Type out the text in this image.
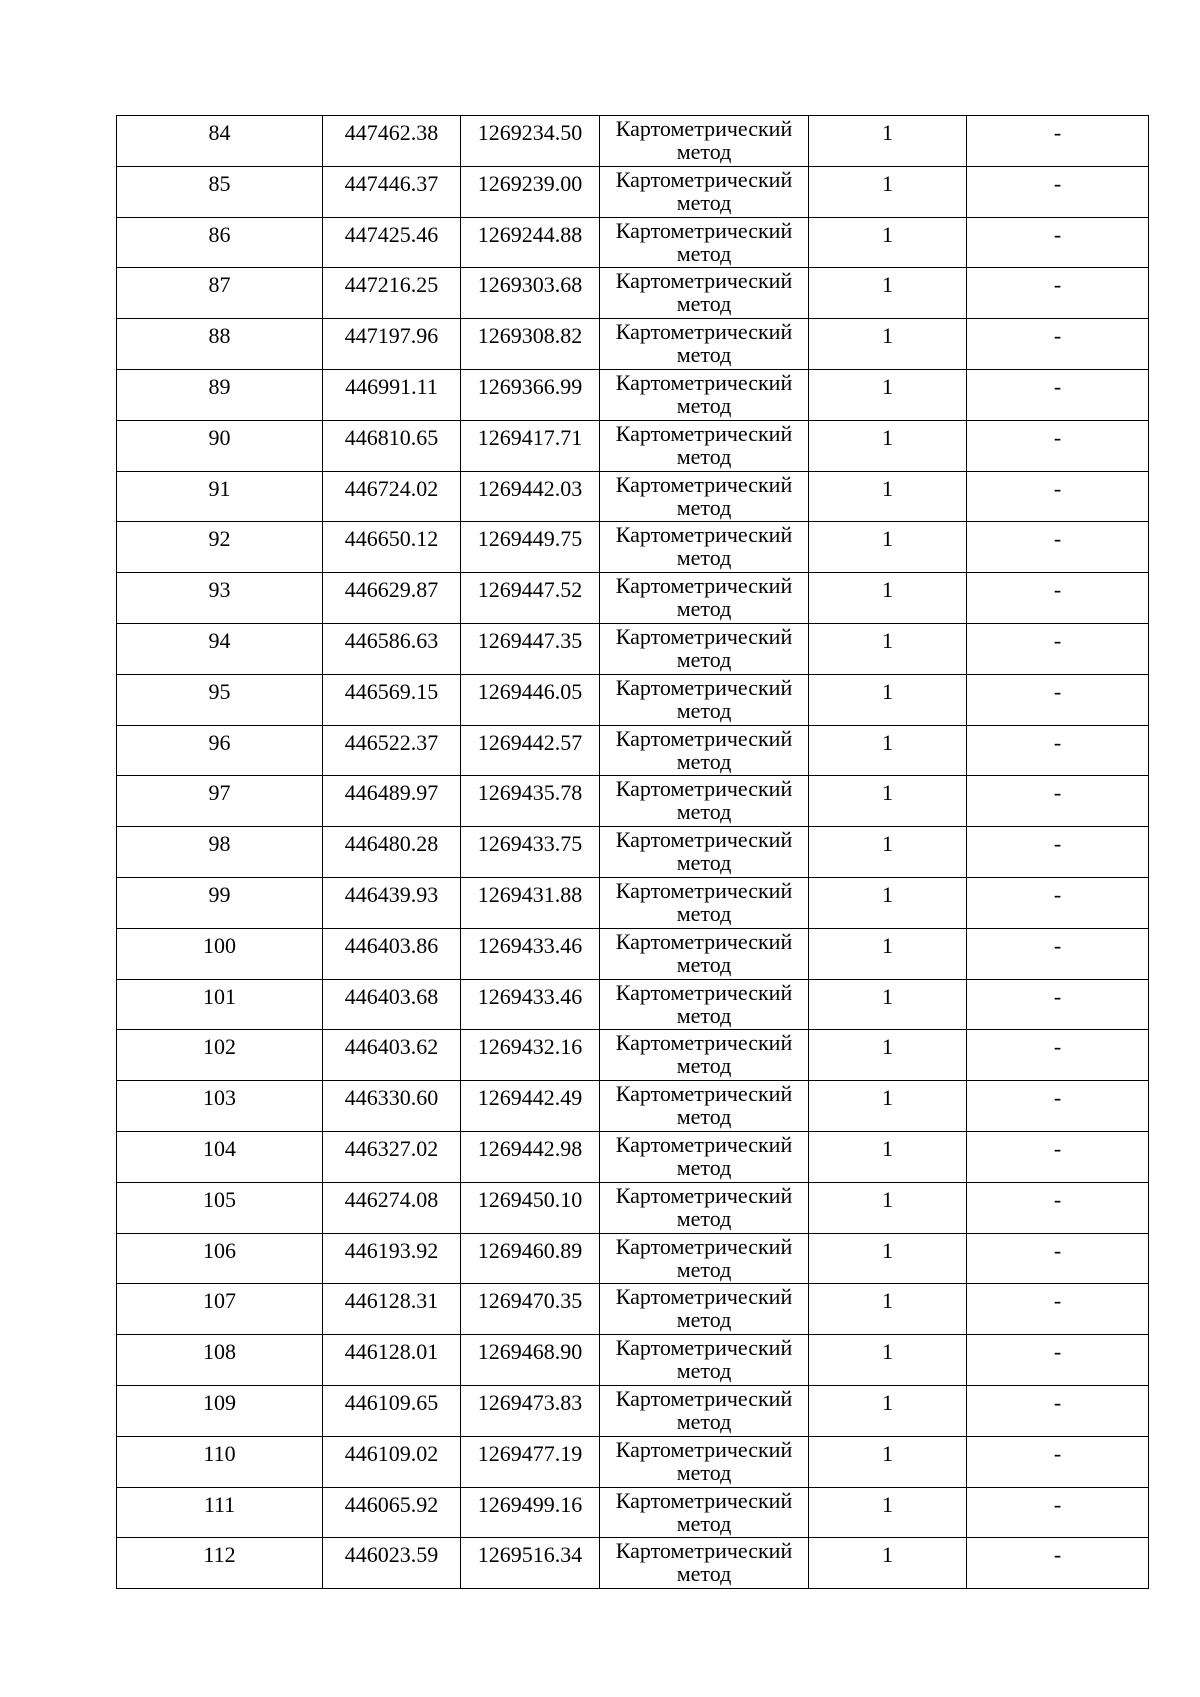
84	447462.38	1269234.50	Картометрический
метод	1	-

85	447446.37	1269239.00	Картометрический
метод	1	-

86	447425.46	1269244.88	Картометрический
метод	1	-

87	447216.25	1269303.68	Картометрический
метод	1	-

88	447197.96	1269308.82	Картометрический
метод	1	-

89	446991.11	1269366.99	Картометрический
метод	1	-

90	446810.65	1269417.71	Картометрический
метод	1	-

91	446724.02	1269442.03	Картометрический
метод	1	-

92	446650.12	1269449.75	Картометрический
метод	1	-

93	446629.87	1269447.52	Картометрический
метод	1	-

94	446586.63	1269447.35	Картометрический
метод	1	-

95	446569.15	1269446.05	Картометрический
метод	1	-

96	446522.37	1269442.57	Картометрический
метод	1	-

97	446489.97	1269435.78	Картометрический
метод	1	-

98	446480.28	1269433.75	Картометрический
метод	1	-

99	446439.93	1269431.88	Картометрический
метод	1	-

100	446403.86	1269433.46	Картометрический
метод	1	-

101	446403.68	1269433.46	Картометрический
метод	1	-

102	446403.62	1269432.16	Картометрический
метод	1	-

103	446330.60	1269442.49	Картометрический
метод	1	-

104	446327.02	1269442.98	Картометрический
метод	1	-

105	446274.08	1269450.10	Картометрический
метод	1	-

106	446193.92	1269460.89	Картометрический
метод	1	-

107	446128.31	1269470.35	Картометрический
метод	1	-

108	446128.01	1269468.90	Картометрический
метод	1	-

109	446109.65	1269473.83	Картометрический
метод	1	-

110	446109.02	1269477.19	Картометрический
метод	1	-

111	446065.92	1269499.16	Картометрический
метод	1	-

112	446023.59	1269516.34	Картометрический
метод	1	-
